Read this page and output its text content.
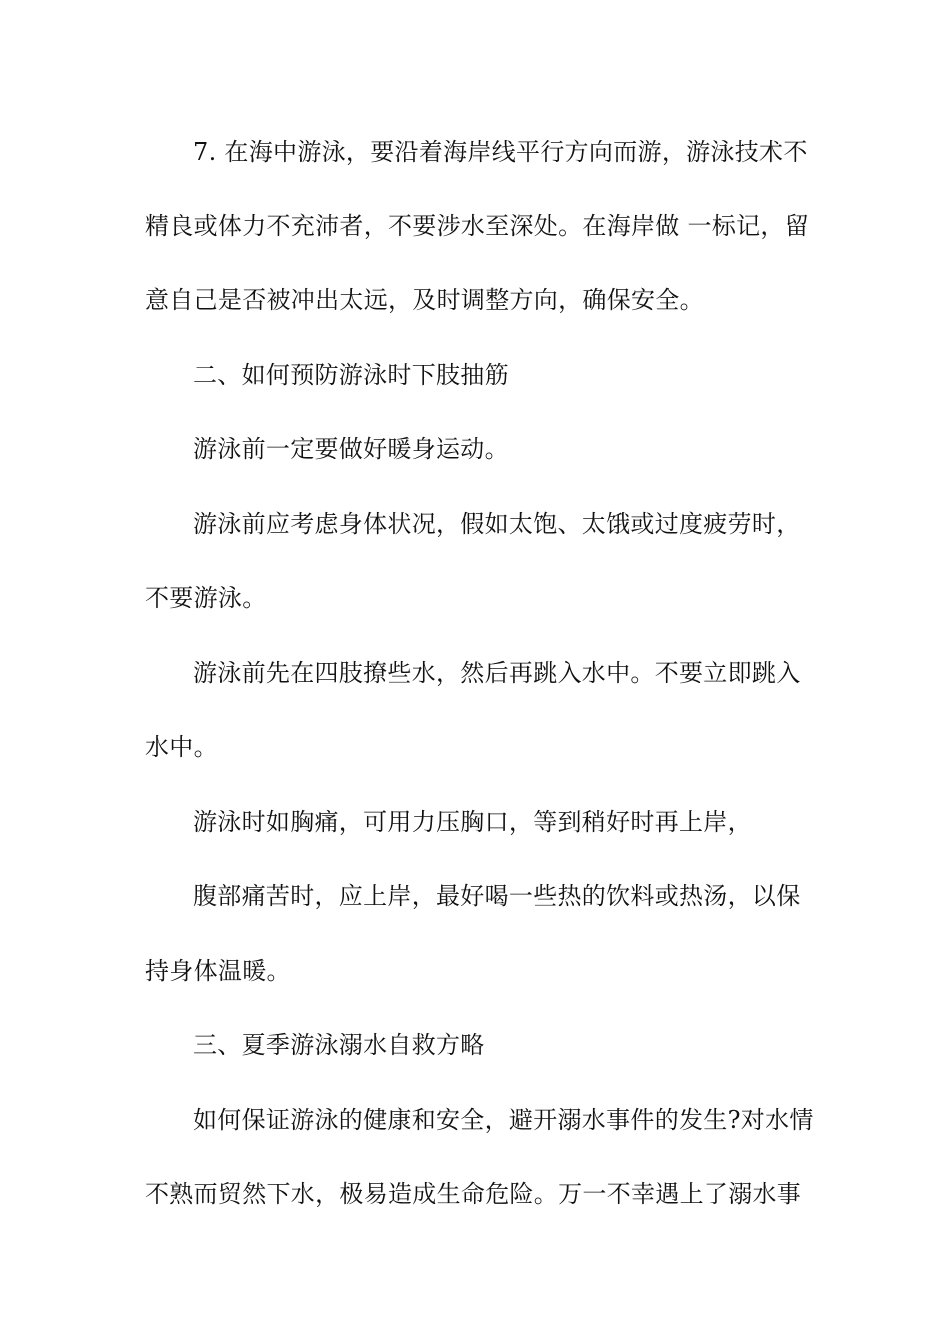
7. 在海中游泳，要沿着海岸线平行方向而游，游泳技术不
精良或体力不充沛者，不要涉水至深处。在海岸做 一标记，留
意自己是否被冲出太远，及时调整方向，确保安全。
二、如何预防游泳时下肢抽筋
游泳前一定要做好暖身运动。
游泳前应考虑身体状况，假如太饱、太饿或过度疲劳时，
不要游泳。
游泳前先在四肢撩些水，然后再跳入水中。不要立即跳入
水中。
游泳时如胸痛，可用力压胸口，等到稍好时再上岸，
腹部痛苦时，应上岸，最好喝一些热的饮料或热汤，以保
持身体温暖。
三、夏季游泳溺水自救方略
如何保证游泳的健康和安全，避开溺水事件的发生?对水情
不熟而贸然下水，极易造成生命危险。万一不幸遇上了溺水事
